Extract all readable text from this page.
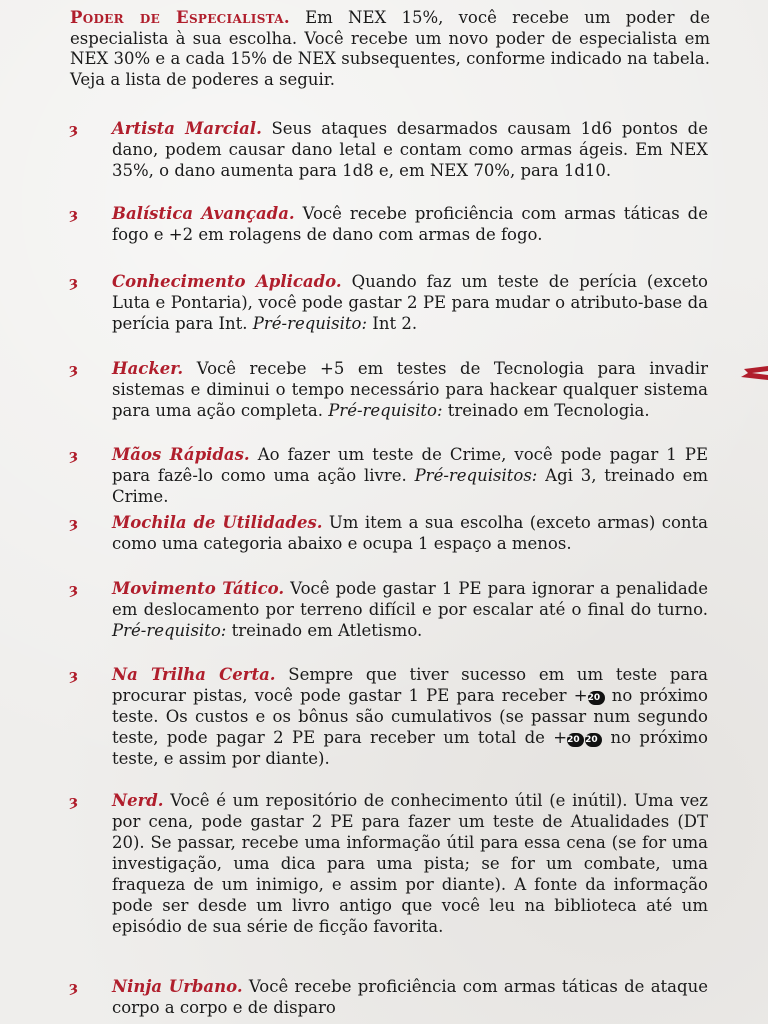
Poder de Especialista. Em NEX 15%, você recebe um poder de especialista à sua escolha. Você recebe um novo poder de especialista em NEX 30% e a cada 15% de NEX subsequentes, conforme indicado na tabela. Veja a lista de poderes a seguir.

ȝ Artista Marcial. Seus ataques desarmados causam 1d6 pontos de dano, podem causar dano letal e contam como armas ágeis. Em NEX 35%, o dano aumenta para 1d8 e, em NEX 70%, para 1d10.

ȝ Balística Avançada. Você recebe proficiência com armas táticas de fogo e +2 em rolagens de dano com armas de fogo.

ȝ Conhecimento Aplicado. Quando faz um teste de perícia (exceto Luta e Pontaria), você pode gastar 2 PE para mudar o atributo-base da perícia para Int. Pré-requisito: Int 2.

ȝ Hacker. Você recebe +5 em testes de Tecnologia para invadir sistemas e diminui o tempo necessário para hackear qualquer sistema para uma ação completa. Pré-requisito: treinado em Tecnologia.

ȝ Mãos Rápidas. Ao fazer um teste de Crime, você pode pagar 1 PE para fazê-lo como uma ação livre. Pré-requisitos: Agi 3, treinado em Crime.

ȝ Mochila de Utilidades. Um item a sua escolha (exceto armas) conta como uma categoria abaixo e ocupa 1 espaço a menos.

ȝ Movimento Tático. Você pode gastar 1 PE para ignorar a penalidade em deslocamento por terreno difícil e por escalar até o final do turno. Pré-requisito: treinado em Atletismo.

ȝ Na Trilha Certa. Sempre que tiver sucesso em um teste para procurar pistas, você pode gastar 1 PE para receber +20 no próximo teste. Os custos e os bônus são cumulativos (se passar num segundo teste, pode pagar 2 PE para receber um total de +20 20 no próximo teste, e assim por diante).

ȝ Nerd. Você é um repositório de conhecimento útil (e inútil). Uma vez por cena, pode gastar 2 PE para fazer um teste de Atualidades (DT 20). Se passar, recebe uma informação útil para essa cena (se for uma investigação, uma dica para uma pista; se for um combate, uma fraqueza de um inimigo, e assim por diante). A fonte da informação pode ser desde um livro antigo que você leu na biblioteca até um episódio de sua série de ficção favorita.

ȝ Ninja Urbano. Você recebe proficiência com armas táticas de ataque corpo a corpo e de disparo
